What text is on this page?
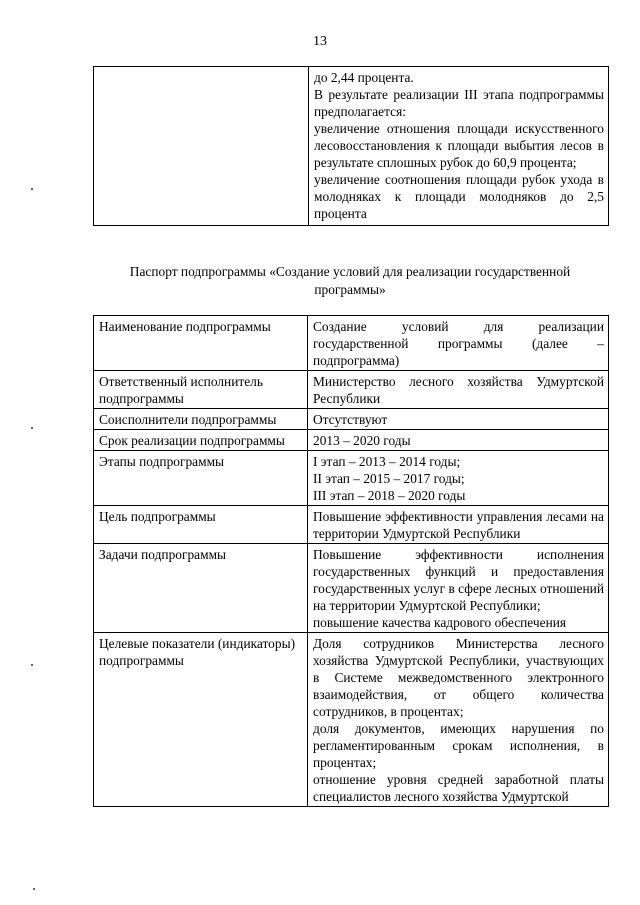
13

до 2,44 процента.
В результате реализации III этапа подпрограммы предполагается:
увеличение отношения площади искусственного лесовосстановления к площади выбытия лесов в результате сплошных рубок до 60,9 процента;
увеличение соотношения площади рубок ухода в молодняках к площади молодняков до 2,5 процента
Паспорт подпрограммы «Создание условий для реализации государственной программы»
Наименование подпрограммы	Создание условий для реализации государственной программы (далее – подпрограмма)

Ответственный исполнитель подпрограммы	Министерство лесного хозяйства Удмуртской Республики

Соисполнители подпрограммы	Отсутствуют

Срок реализации подпрограммы	2013 – 2020 годы

Этапы подпрограммы	I этап – 2013 – 2014 годы;
II этап – 2015 – 2017 годы;
III этап – 2018 – 2020 годы

Цель подпрограммы	Повышение эффективности управления лесами на территории Удмуртской Республики

Задачи подпрограммы	Повышение эффективности исполнения государственных функций и предоставления государственных услуг в сфере лесных отношений на территории Удмуртской Республики;
повышение качества кадрового обеспечения

Целевые показатели (индикаторы) подпрограммы	Доля сотрудников Министерства лесного хозяйства Удмуртской Республики, участвующих в Системе межведомственного электронного взаимодействия, от общего количества сотрудников, в процентах;
доля документов, имеющих нарушения по регламентированным срокам исполнения, в процентах;
отношение уровня средней заработной платы специалистов лесного хозяйства Удмуртской
